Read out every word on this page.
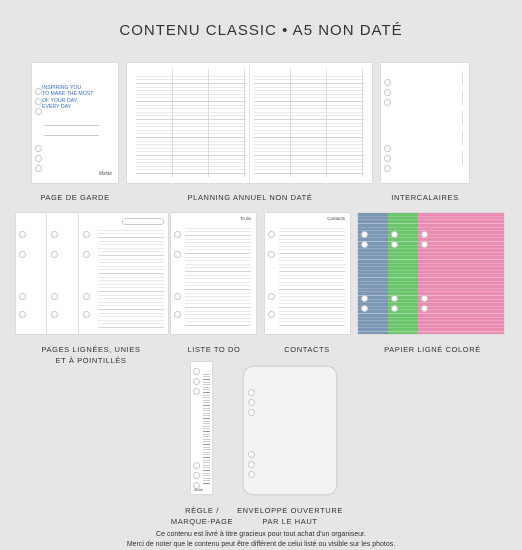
CONTENU CLASSIC • A5 NON DATÉ
INSPIRING YOU
TO MAKE THE MOST
OF YOUR DAY,
EVERY DAY
filofax
PAGE DE GARDE	PLANNING ANNUEL NON DATÉ	INTERCALAIRES
PAGES LIGNÉES, UNIES
ET À POINTILLÉS
To do
LISTE TO DO
Contacts
CONTACTS	PAPIER LIGNÉ COLORÉ
filofax
RÈGLE /
MARQUE-PAGE
ENVELOPPE OUVERTURE
PAR LE HAUT
Ce contenu est livré à titre gracieux pour tout achat d'un organiseur.
Merci de noter que le contenu peut être différent de celui listé ou visible sur les photos.
